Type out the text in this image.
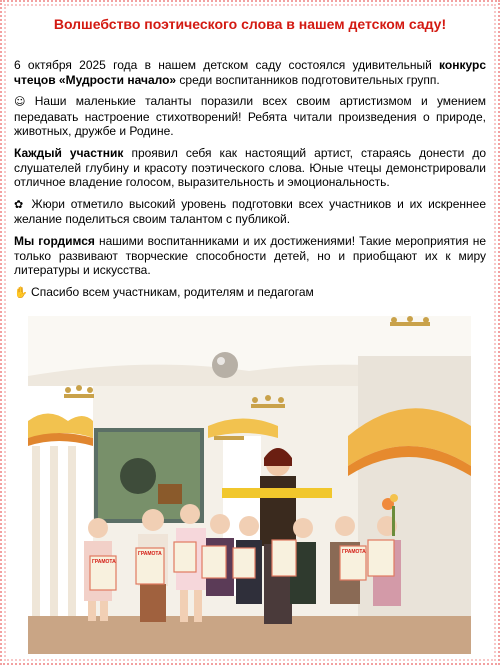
Волшебство поэтического слова в нашем детском саду!

6 октября 2025 года в нашем детском саду состоялся удивительный конкурс чтецов «Мудрости начало» среди воспитанников подготовительных групп.

☺ Наши маленькие таланты поразили всех своим артистизмом и умением передавать настроение стихотворений! Ребята читали произведения о природе, животных, дружбе и Родине.

Каждый участник проявил себя как настоящий артист, стараясь донести до слушателей глубину и красоту поэтического слова. Юные чтецы демонстрировали отличное владение голосом, выразительность и эмоциональность.

✿ Жюри отметило высокий уровень подготовки всех участников и их искреннее желание поделиться своим талантом с публикой.

Мы гордимся нашими воспитанниками и их достижениями! Такие мероприятия не только развивают творческие способности детей, но и приобщают их к миру литературы и искусства.

✋ Спасибо всем участникам, родителям и педагогам

ГРАМОТА
ГРАМОТА	ГРАМОТА
